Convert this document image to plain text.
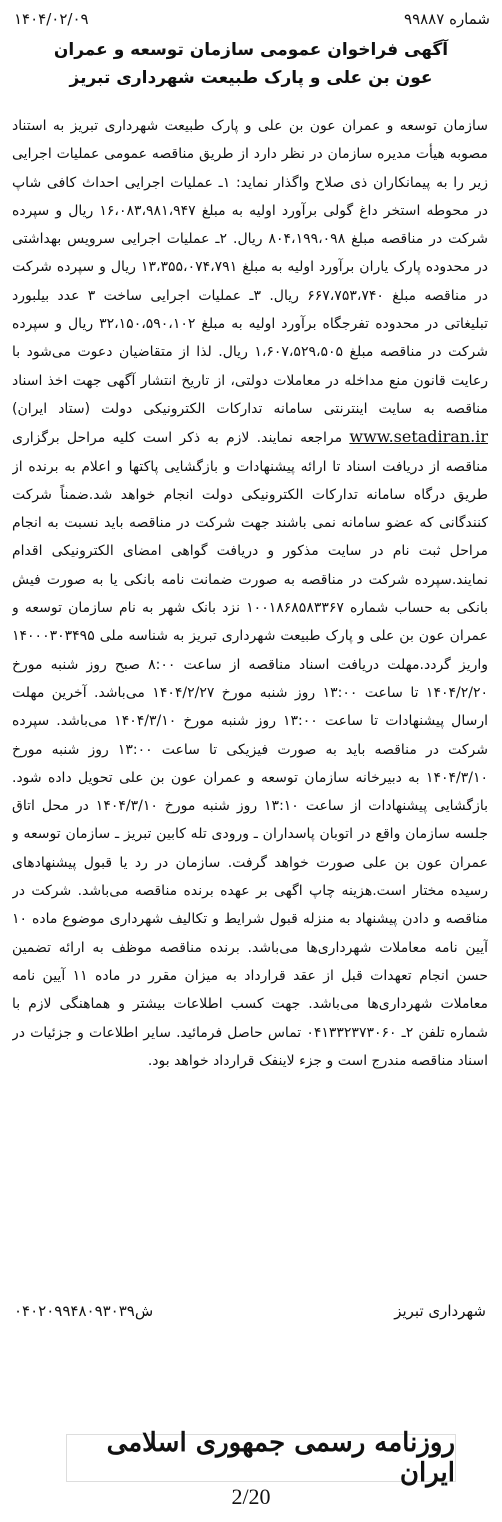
شماره ۹۹۸۸۷
۱۴۰۴/۰۲/۰۹
آگهی فراخوان عمومی سازمان توسعه و عمران
عون بن علی و پارک طبیعت شهرداری تبریز
سازمان توسعه و عمران عون بن علی و پارک طبیعت شهرداری تبریز به استناد مصوبه هیأت مدیره سازمان در نظر دارد از طریق مناقصه عمومی عملیات اجرایی زیر را به پیمانکاران ذی صلاح واگذار نماید: ۱ـ عملیات اجرایی احداث کافی شاپ در محوطه استخر داغ گولی برآورد اولیه به مبلغ ۱۶،۰۸۳،۹۸۱،۹۴۷ ریال و سپرده شرکت در مناقصه مبلغ ۸۰۴،۱۹۹،۰۹۸ ریال. ۲ـ عملیات اجرایی سرویس بهداشتی در محدوده پارک یاران برآورد اولیه به مبلغ ۱۳،۳۵۵،۰۷۴،۷۹۱ ریال و سپرده شرکت در مناقصه مبلغ ۶۶۷،۷۵۳،۷۴۰ ریال. ۳ـ عملیات اجرایی ساخت ۳ عدد بیلبورد تبلیغاتی در محدوده تفرجگاه برآورد اولیه به مبلغ ۳۲،۱۵۰،۵۹۰،۱۰۲ ریال و سپرده شرکت در مناقصه مبلغ ۱،۶۰۷،۵۲۹،۵۰۵ ریال. لذا از متقاضیان دعوت می‌شود با رعایت قانون منع مداخله در معاملات دولتی، از تاریخ انتشار آگهی جهت اخذ اسناد مناقصه به سایت اینترنتی سامانه تدارکات الکترونیکی دولت (ستاد ایران) www.setadiran.ir مراجعه نمایند. لازم به ذکر است کلیه مراحل برگزاری مناقصه از دریافت اسناد تا ارائه پیشنهادات و بازگشایی پاکتها و اعلام به برنده از طریق درگاه سامانه تدارکات الکترونیکی دولت انجام خواهد شد.ضمناً شرکت کنندگانی که عضو سامانه نمی باشند جهت شرکت در مناقصه باید نسبت به انجام مراحل ثبت نام در سایت مذکور و دریافت گواهی امضای الکترونیکی اقدام نمایند.سپرده شرکت در مناقصه به صورت ضمانت نامه بانکی یا به صورت فیش بانکی به حساب شماره ۱۰۰۱۸۶۸۵۸۳۳۶۷ نزد بانک شهر به نام سازمان توسعه و عمران عون بن علی و پارک طبیعت شهرداری تبریز به شناسه ملی ۱۴۰۰۰۳۰۳۴۹۵ واریز گردد.مهلت دریافت اسناد مناقصه از ساعت ۸:۰۰ صبح روز شنبه مورخ ۱۴۰۴/۲/۲۰ تا ساعت ۱۳:۰۰ روز شنبه مورخ ۱۴۰۴/۲/۲۷ می‌باشد. آخرین مهلت ارسال پیشنهادات تا ساعت ۱۳:۰۰ روز شنبه مورخ ۱۴۰۴/۳/۱۰ می‌باشد. سپرده شرکت در مناقصه باید به صورت فیزیکی تا ساعت ۱۳:۰۰ روز شنبه مورخ ۱۴۰۴/۳/۱۰ به دبیرخانه سازمان توسعه و عمران عون بن علی تحویل داده شود. بازگشایی پیشنهادات از ساعت ۱۳:۱۰ روز شنبه مورخ ۱۴۰۴/۳/۱۰ در محل اتاق جلسه سازمان واقع در اتوبان پاسداران ـ ورودی تله کابین تبریز ـ سازمان توسعه و عمران عون بن علی صورت خواهد گرفت. سازمان در رد یا قبول پیشنهادهای رسیده مختار است.هزینه چاپ اگهی بر عهده برنده مناقصه می‌باشد. شرکت در مناقصه و دادن پیشنهاد به منزله قبول شرایط و تکالیف شهرداری موضوع ماده ۱۰ آیین نامه معاملات شهرداری‌ها می‌باشد. برنده مناقصه موظف به ارائه تضمین حسن انجام تعهدات قبل از عقد قرارداد به میزان مقرر در ماده ۱۱ آیین نامه معاملات شهرداری‌ها می‌باشد. جهت کسب اطلاعات بیشتر و هماهنگی لازم با شماره تلفن ۲ـ ۰۴۱۳۳۲۳۷۳۰۶۰ تماس حاصل فرمائید. سایر اطلاعات و جزئیات در اسناد مناقصه مندرج است و جزء لاینفک قرارداد خواهد بود.
ش۰۴۰۲۰۹۹۴۸۰۹۳۰۳۹	شهرداری تبریز
روزنامه رسمی جمهوری اسلامی ایران
2/20
